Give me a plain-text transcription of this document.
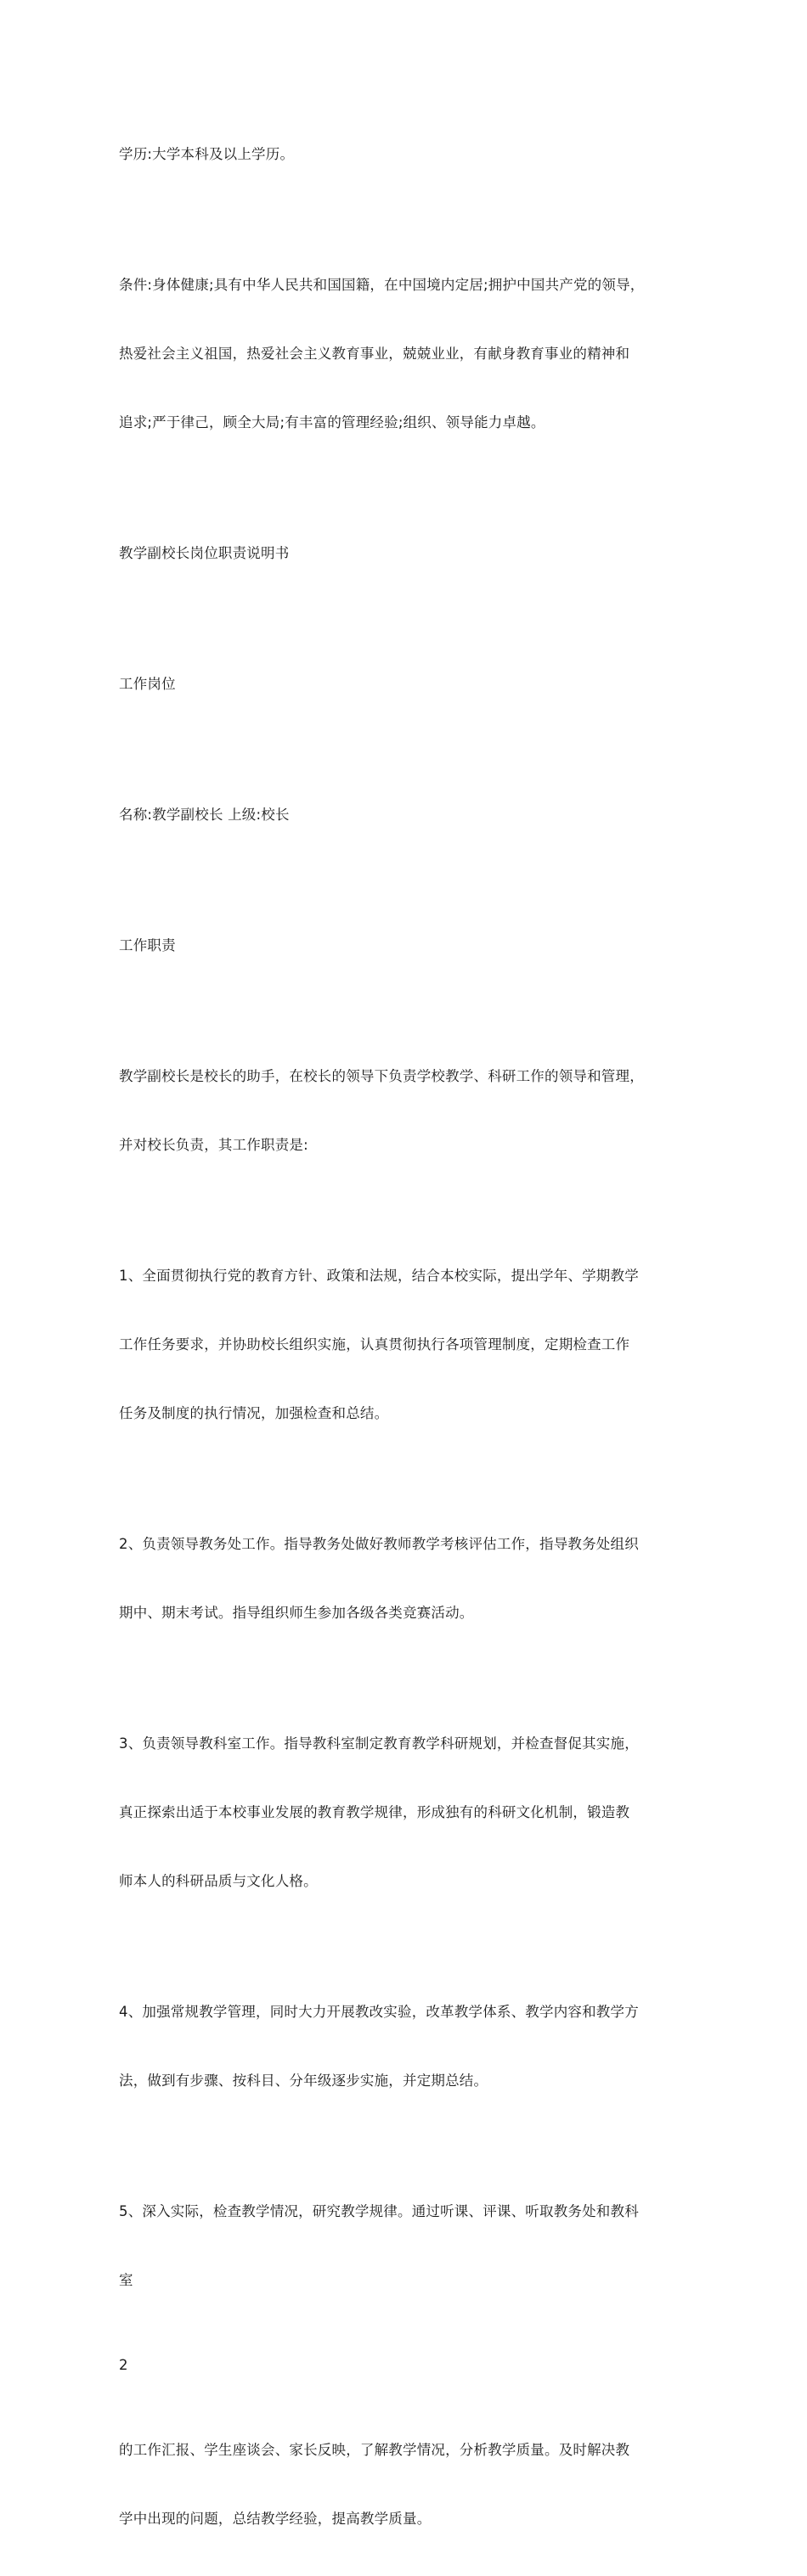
学历:大学本科及以上学历。

条件:身体健康;具有中华人民共和国国籍，在中国境内定居;拥护中国共产党的领导，

热爱社会主义祖国，热爱社会主义教育事业，兢兢业业，有献身教育事业的精神和

追求;严于律己，顾全大局;有丰富的管理经验;组织、领导能力卓越。

教学副校长岗位职责说明书

工作岗位

名称:教学副校长 上级:校长

工作职责

教学副校长是校长的助手，在校长的领导下负责学校教学、科研工作的领导和管理，

并对校长负责，其工作职责是:

1、全面贯彻执行党的教育方针、政策和法规，结合本校实际，提出学年、学期教学

工作任务要求，并协助校长组织实施，认真贯彻执行各项管理制度，定期检查工作

任务及制度的执行情况，加强检查和总结。

2、负责领导教务处工作。指导教务处做好教师教学考核评估工作，指导教务处组织

期中、期末考试。指导组织师生参加各级各类竞赛活动。

3、负责领导教科室工作。指导教科室制定教育教学科研规划，并检查督促其实施，

真正探索出适于本校事业发展的教育教学规律，形成独有的科研文化机制，锻造教

师本人的科研品质与文化人格。

4、加强常规教学管理，同时大力开展教改实验，改革教学体系、教学内容和教学方

法，做到有步骤、按科目、分年级逐步实施，并定期总结。

5、深入实际，检查教学情况，研究教学规律。通过听课、评课、听取教务处和教科

室

2

的工作汇报、学生座谈会、家长反映，了解教学情况，分析教学质量。及时解决教

学中出现的问题，总结教学经验，提高教学质量。
